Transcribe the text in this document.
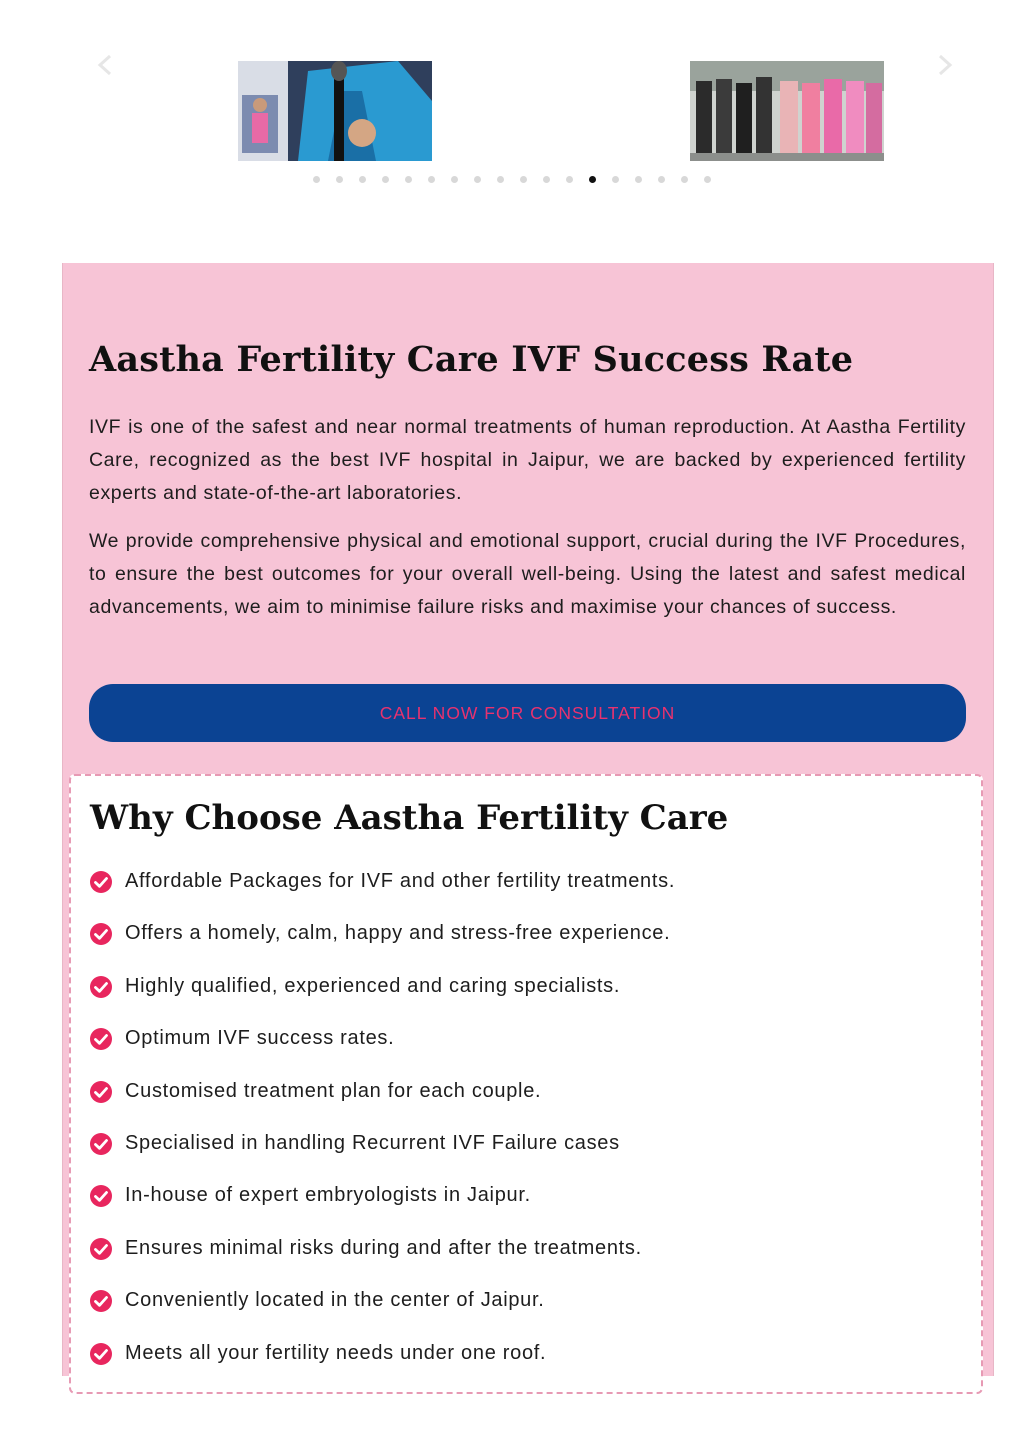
Aastha Fertility Care IVF Success Rate

IVF is one of the safest and near normal treatments of human reproduction. At Aastha Fertility Care, recognized as the best IVF hospital in Jaipur, we are backed by experienced fertility experts and state-of-the-art laboratories.

We provide comprehensive physical and emotional support, crucial during the IVF Procedures, to ensure the best outcomes for your overall well-being. Using the latest and safest medical advancements, we aim to minimise failure risks and maximise your chances of success.

CALL NOW FOR CONSULTATION
Why Choose Aastha Fertility Care
Affordable Packages for IVF and other fertility treatments.
Offers a homely, calm, happy and stress-free experience.
Highly qualified, experienced and caring specialists.
Optimum IVF success rates.
Customised treatment plan for each couple.
Specialised in handling Recurrent IVF Failure cases
In-house of expert embryologists in Jaipur.
Ensures minimal risks during and after the treatments.
Conveniently located in the center of Jaipur.
Meets all your fertility needs under one roof.
